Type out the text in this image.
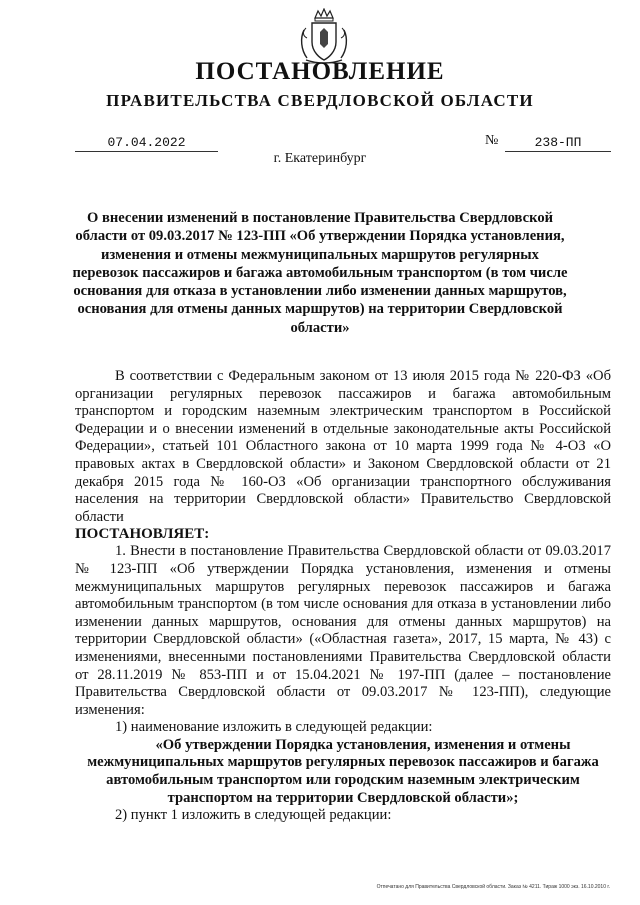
ПОСТАНОВЛЕНИЕ
ПРАВИТЕЛЬСТВА СВЕРДЛОВСКОЙ ОБЛАСТИ
07.04.2022	№	238-ПП
г. Екатеринбург
О внесении изменений в постановление Правительства Свердловской области от 09.03.2017 № 123-ПП «Об утверждении Порядка установления, изменения и отмены межмуниципальных маршрутов регулярных перевозок пассажиров и багажа автомобильным транспортом (в том числе основания для отказа в установлении либо изменении данных маршрутов, основания для отмены данных маршрутов) на территории Свердловской области»

В соответствии с Федеральным законом от 13 июля 2015 года № 220-ФЗ «Об организации регулярных перевозок пассажиров и багажа автомобильным транспортом и городским наземным электрическим транспортом в Российской Федерации и о внесении изменений в отдельные законодательные акты Российской Федерации», статьей 101 Областного закона от 10 марта 1999 года № 4-ОЗ «О правовых актах в Свердловской области» и Законом Свердловской области от 21 декабря 2015 года № 160-ОЗ «Об организации транспортного обслуживания населения на территории Свердловской области» Правительство Свердловской области

ПОСТАНОВЛЯЕТ:

1. Внести в постановление Правительства Свердловской области от 09.03.2017 № 123-ПП «Об утверждении Порядка установления, изменения и отмены межмуниципальных маршрутов регулярных перевозок пассажиров и багажа автомобильным транспортом (в том числе основания для отказа в установлении либо изменении данных маршрутов, основания для отмены данных маршрутов) на территории Свердловской области» («Областная газета», 2017, 15 марта, № 43) с изменениями, внесенными постановлениями Правительства Свердловской области от 28.11.2019 № 853-ПП и от 15.04.2021 № 197-ПП (далее – постановление Правительства Свердловской области от 09.03.2017 № 123-ПП), следующие изменения:

1) наименование изложить в следующей редакции:

«Об утверждении Порядка установления, изменения и отмены межмуниципальных маршрутов регулярных перевозок пассажиров и багажа автомобильным транспортом или городским наземным электрическим транспортом на территории Свердловской области»;

2) пункт 1 изложить в следующей редакции:

Отпечатано для Правительства Свердловской области. Заказ № 4211. Тираж 1000 экз. 16.10.2010 г.
